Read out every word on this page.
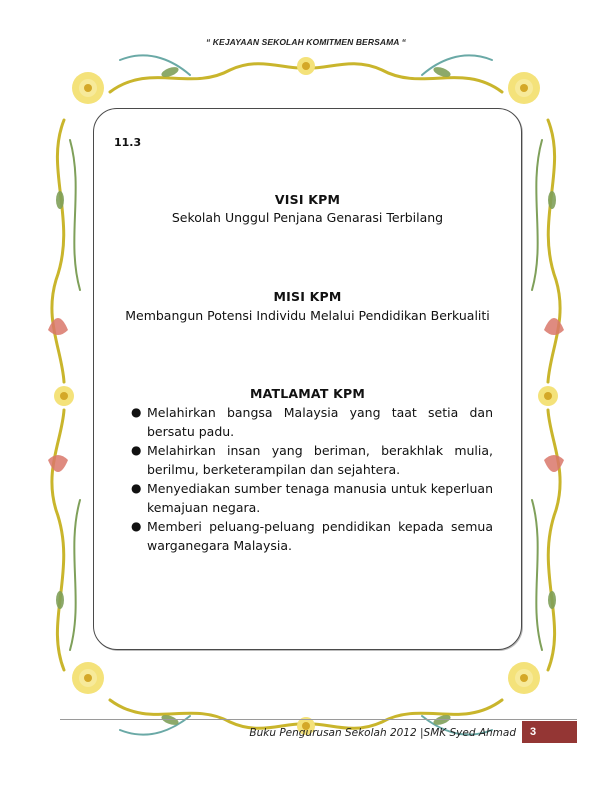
“ KEJAYAAN SEKOLAH KOMITMEN BERSAMA “
11.3
VISI KPM
Sekolah Unggul Penjana Genarasi Terbilang
MISI KPM
Membangun Potensi Individu Melalui Pendidikan Berkualiti
MATLAMAT KPM
● Melahirkan bangsa Malaysia yang taat setia dan bersatu padu.
● Melahirkan insan yang beriman, berakhlak mulia, berilmu, berketerampilan dan sejahtera.
● Menyediakan sumber tenaga manusia untuk keperluan kemajuan negara.
● Memberi peluang-peluang pendidikan kepada semua warganegara Malaysia.
Buku Pengurusan Sekolah 2012 |SMK Syed Ahmad	3
